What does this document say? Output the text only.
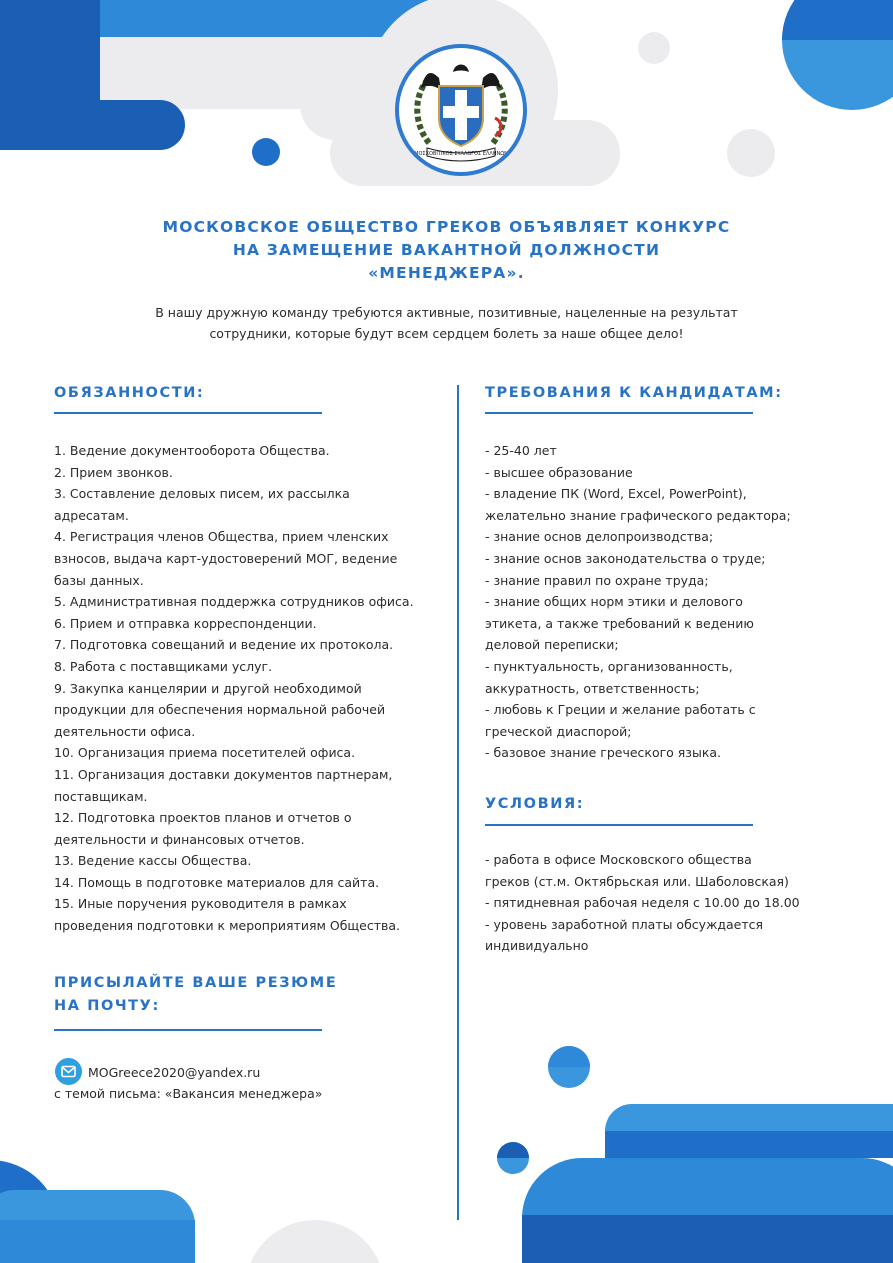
ΜΟΣΧΟΒΙΤΙΚΟΣ ΣΥΛΛΟΓΟΣ ΕΛΛΗΝΩΝ
МОСКОВСКОЕ ОБЩЕСТВО ГРЕКОВ ОБЪЯВЛЯЕТ КОНКУРС
НА ЗАМЕЩЕНИЕ ВАКАНТНОЙ ДОЛЖНОСТИ
«МЕНЕДЖЕРА».
В нашу дружную команду требуются активные, позитивные, нацеленные на результат
сотрудники, которые будут всем сердцем болеть за наше общее дело!
ОБЯЗАННОСТИ:
1. Ведение документооборота Общества.
2. Прием звонков.
3. Составление деловых писем, их рассылка
адресатам.
4. Регистрация членов Общества, прием членских
взносов, выдача карт-удостоверений МОГ, ведение
базы данных.
5. Административная поддержка сотрудников офиса.
6. Прием и отправка корреспонденции.
7. Подготовка совещаний и ведение их протокола.
8. Работа с поставщиками услуг.
9. Закупка канцелярии и другой необходимой
продукции для обеспечения нормальной рабочей
деятельности офиса.
10. Организация приема посетителей офиса.
11. Организация доставки документов партнерам,
поставщикам.
12. Подготовка проектов планов и отчетов о
деятельности и финансовых отчетов.
13. Ведение кассы Общества.
14. Помощь в подготовке материалов для сайта.
15. Иные поручения руководителя в рамках
проведения подготовки к мероприятиям Общества.
ПРИСЫЛАЙТЕ ВАШЕ РЕЗЮМЕ
НА ПОЧТУ:
MOGreece2020@yandex.ru
с темой письма: «Вакансия менеджера»
ТРЕБОВАНИЯ К КАНДИДАТАМ:
- 25-40 лет
- высшее образование
- владение ПК (Word, Excel, PowerPoint),
желательно знание графического редактора;
- знание основ делопроизводства;
- знание основ законодательства о труде;
- знание правил по охране труда;
- знание общих норм этики и делового
этикета, а также требований к ведению
деловой переписки;
- пунктуальность, организованность,
аккуратность, ответственность;
- любовь к Греции и желание работать с
греческой диаспорой;
- базовое знание греческого языка.
УСЛОВИЯ:
- работа в офисе Московского общества
греков (ст.м. Октябрьская или. Шаболовская)
- пятидневная рабочая неделя с 10.00 до 18.00
- уровень заработной платы обсуждается
индивидуально
